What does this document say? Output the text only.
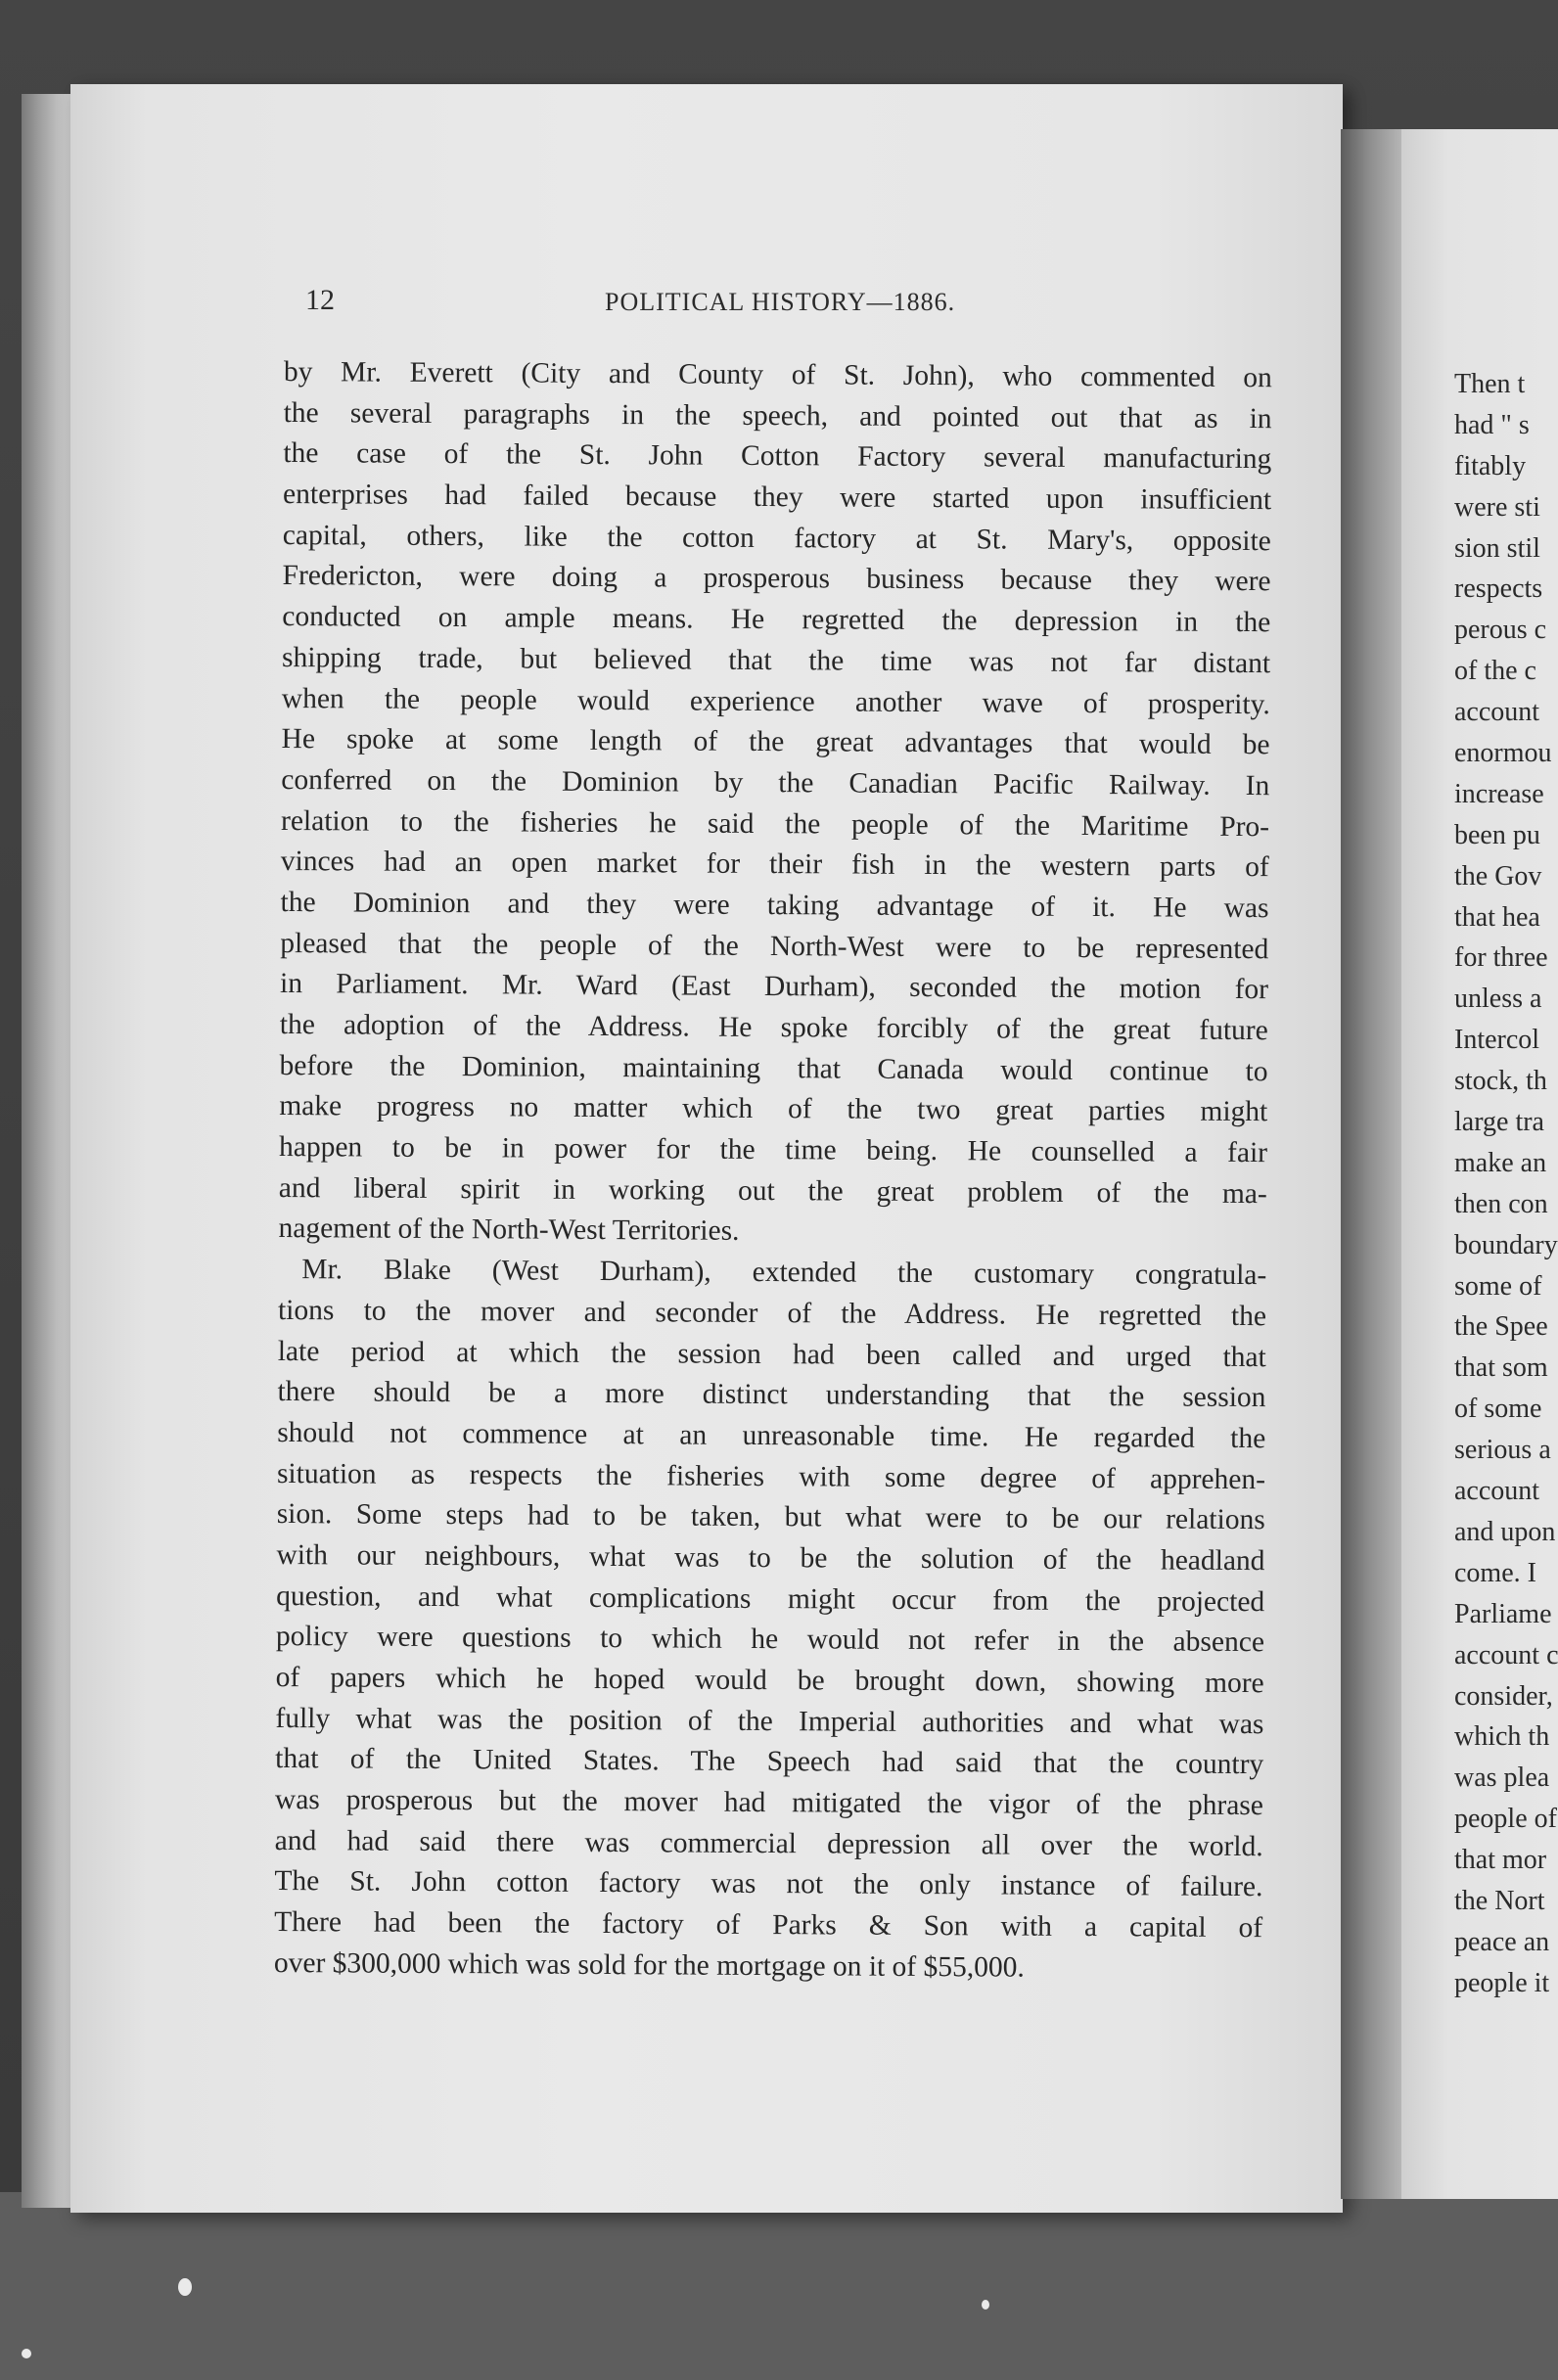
12	POLITICAL HISTORY—1886.
by Mr. Everett (City and County of St. John), who commented on
the several paragraphs in the speech, and pointed out that as in
the case of the St. John Cotton Factory several manufacturing
enterprises had failed because they were started upon insufficient
capital, others, like the cotton factory at St. Mary's, opposite
Fredericton, were doing a prosperous business because they were
conducted on ample means. He regretted the depression in the
shipping trade, but believed that the time was not far distant
when the people would experience another wave of prosperity.
He spoke at some length of the great advantages that would be
conferred on the Dominion by the Canadian Pacific Railway. In
relation to the fisheries he said the people of the Maritime Pro-
vinces had an open market for their fish in the western parts of
the Dominion and they were taking advantage of it. He was
pleased that the people of the North-West were to be represented
in Parliament. Mr. Ward (East Durham), seconded the motion for
the adoption of the Address. He spoke forcibly of the great future
before the Dominion, maintaining that Canada would continue to
make progress no matter which of the two great parties might
happen to be in power for the time being. He counselled a fair
and liberal spirit in working out the great problem of the ma-
nagement of the North-West Territories.
Mr. Blake (West Durham), extended the customary congratula-
tions to the mover and seconder of the Address. He regretted the
late period at which the session had been called and urged that
there should be a more distinct understanding that the session
should not commence at an unreasonable time. He regarded the
situation as respects the fisheries with some degree of apprehen-
sion. Some steps had to be taken, but what were to be our relations
with our neighbours, what was to be the solution of the headland
question, and what complications might occur from the projected
policy were questions to which he would not refer in the absence
of papers which he hoped would be brought down, showing more
fully what was the position of the Imperial authorities and what was
that of the United States. The Speech had said that the country
was prosperous but the mover had mitigated the vigor of the phrase
and had said there was commercial depression all over the world.
The St. John cotton factory was not the only instance of failure.
There had been the factory of Parks & Son with a capital of
over $300,000 which was sold for the mortgage on it of $55,000.
Then t
had " s
fitably
were sti
sion stil
respects
perous c
of the c
account
enormou
increase
been pu
the Gov
that hea
for three
unless a
Intercol
stock, th
large tra
make an
then con
boundary
some of
the Spee
that som
of some
serious a
account
and upon
come. I
Parliame
account c
consider,
which th
was plea
people of
that mor
the Nort
peace an
people it
